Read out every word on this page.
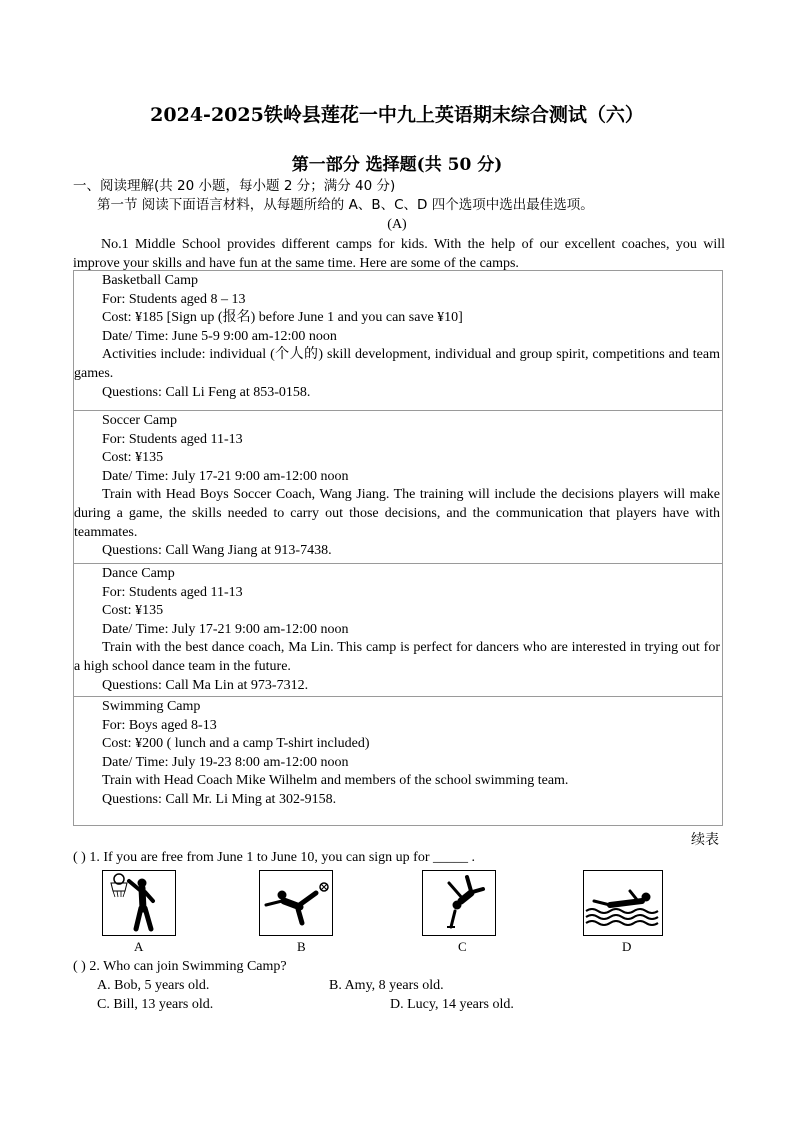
2024-2025铁岭县莲花一中九上英语期末综合测试（六）
第一部分 选择题(共 50 分)
一、阅读理解(共 20 小题，每小题 2 分；满分 40 分)
第一节 阅读下面语言材料，从每题所给的 A、B、C、D 四个选项中选出最佳选项。
(A)

No.1 Middle School provides different camps for kids. With the help of our excellent coaches, you will improve your skills and have fun at the same time. Here are some of the camps.

Basketball Camp

For: Students aged 8 – 13

Cost: ¥185 [Sign up (报名) before June 1 and you can save ¥10]

Date/ Time: June 5-9 9:00 am-12:00 noon

Activities include: individual (个人的) skill development, individual and group spirit, competitions and team games.

Questions: Call Li Feng at 853-0158.

Soccer Camp

For: Students aged 11-13

Cost: ¥135

Date/ Time: July 17-21 9:00 am-12:00 noon

Train with Head Boys Soccer Coach, Wang Jiang. The training will include the decisions players will make during a game, the skills needed to carry out those decisions, and the communication that players have with teammates.

Questions: Call Wang Jiang at 913-7438.

Dance Camp

For: Students aged 11-13

Cost: ¥135

Date/ Time: July 17-21 9:00 am-12:00 noon

Train with the best dance coach, Ma Lin. This camp is perfect for dancers who are interested in trying out for a high school dance team in the future.

Questions: Call Ma Lin at 973-7312.

Swimming Camp

For: Boys aged 8-13

Cost: ¥200 ( lunch and a camp T-shirt included)

Date/ Time: July 19-23 8:00 am-12:00 noon

Train with Head Coach Mike Wilhelm and members of the school swimming team.

Questions: Call Mr. Li Ming at 302-9158.

续表
( ) 1. If you are free from June 1 to June 10, you can sign up for _____ .
A	B	C	D
( ) 2. Who can join Swimming Camp?
A. Bob, 5 years old.	B. Amy, 8 years old.
C. Bill, 13 years old.	D. Lucy, 14 years old.
